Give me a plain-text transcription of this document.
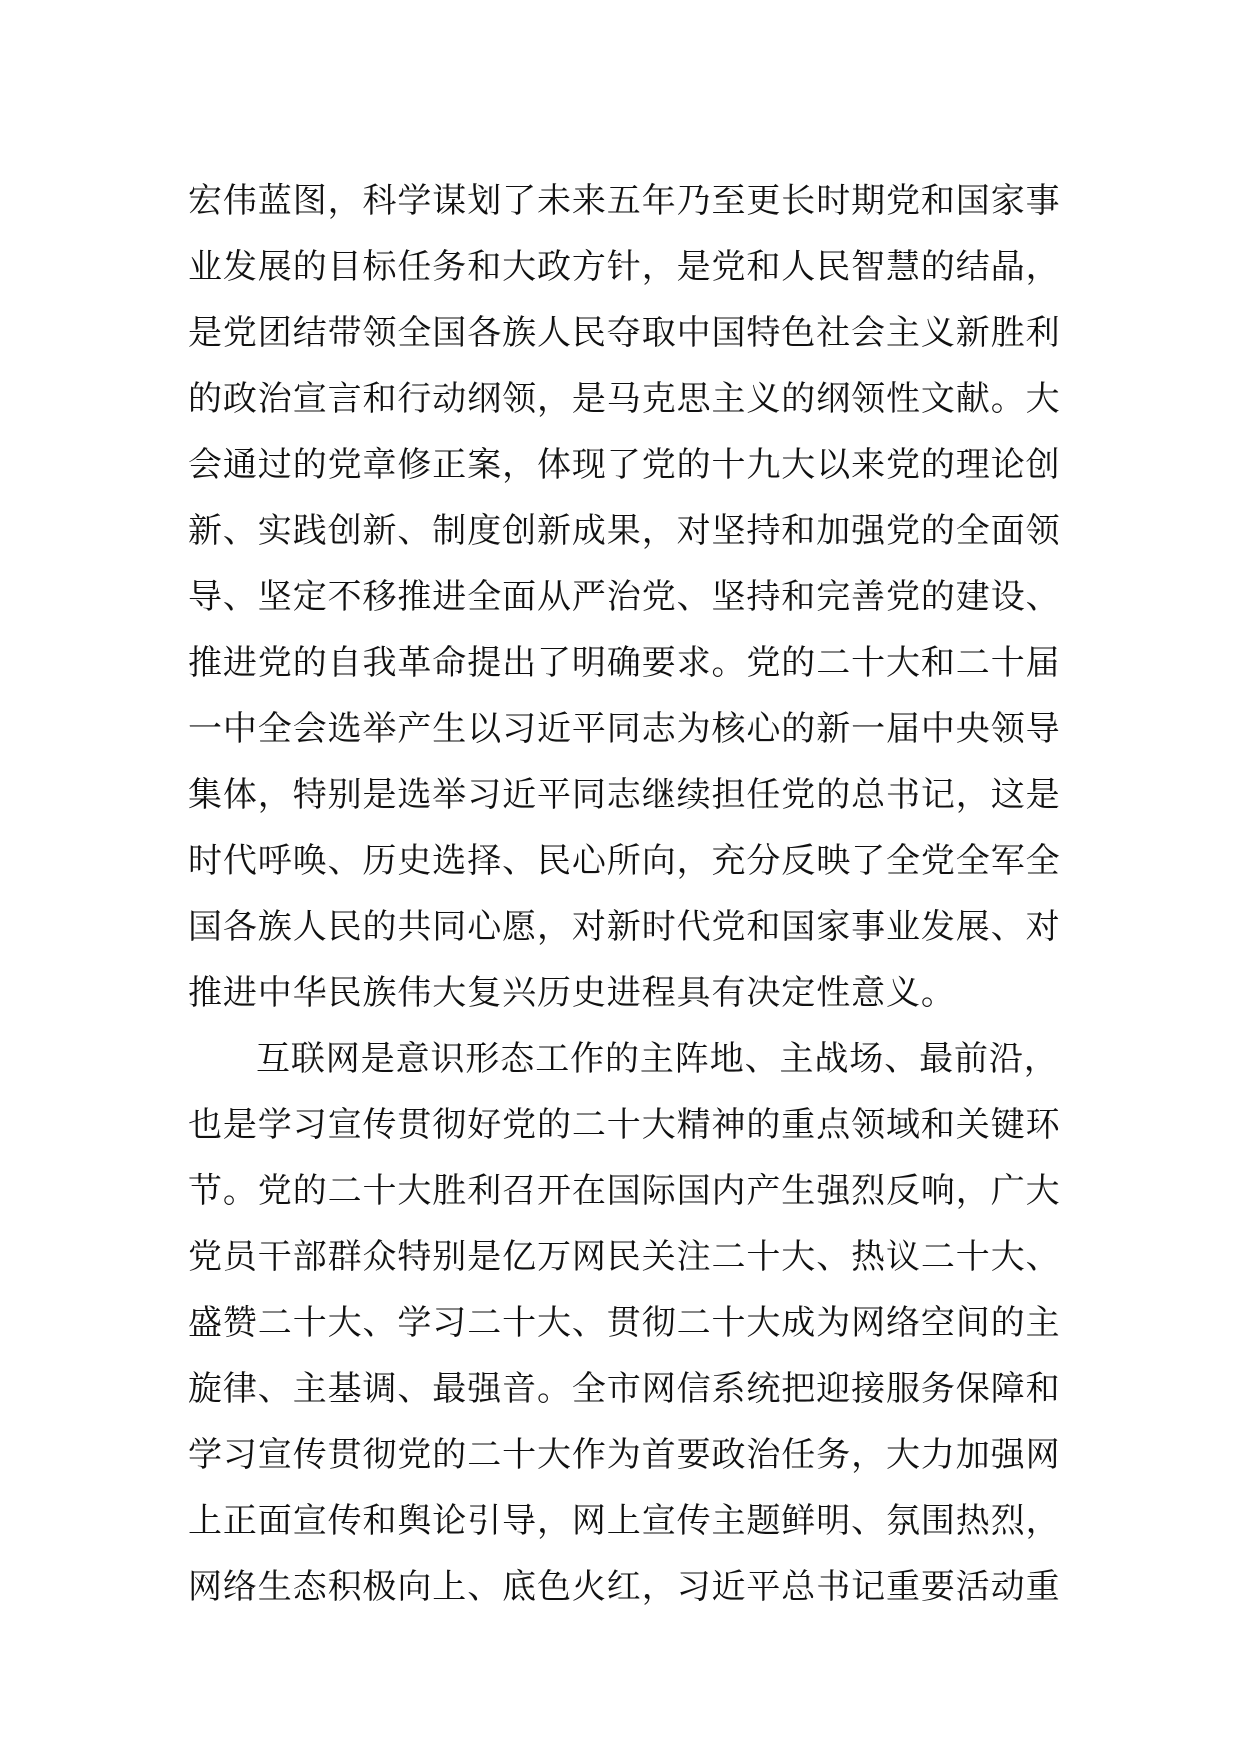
宏伟蓝图，科学谋划了未来五年乃至更长时期党和国家事
业发展的目标任务和大政方针，是党和人民智慧的结晶，
是党团结带领全国各族人民夺取中国特色社会主义新胜利
的政治宣言和行动纲领，是马克思主义的纲领性文献。大
会通过的党章修正案，体现了党的十九大以来党的理论创
新、实践创新、制度创新成果，对坚持和加强党的全面领
导、坚定不移推进全面从严治党、坚持和完善党的建设、
推进党的自我革命提出了明确要求。党的二十大和二十届
一中全会选举产生以习近平同志为核心的新一届中央领导
集体，特别是选举习近平同志继续担任党的总书记，这是
时代呼唤、历史选择、民心所向，充分反映了全党全军全
国各族人民的共同心愿，对新时代党和国家事业发展、对
推进中华民族伟大复兴历史进程具有决定性意义。
互联网是意识形态工作的主阵地、主战场、最前沿，
也是学习宣传贯彻好党的二十大精神的重点领域和关键环
节。党的二十大胜利召开在国际国内产生强烈反响，广大
党员干部群众特别是亿万网民关注二十大、热议二十大、
盛赞二十大、学习二十大、贯彻二十大成为网络空间的主
旋律、主基调、最强音。全市网信系统把迎接服务保障和
学习宣传贯彻党的二十大作为首要政治任务，大力加强网
上正面宣传和舆论引导，网上宣传主题鲜明、氛围热烈，
网络生态积极向上、底色火红，习近平总书记重要活动重
